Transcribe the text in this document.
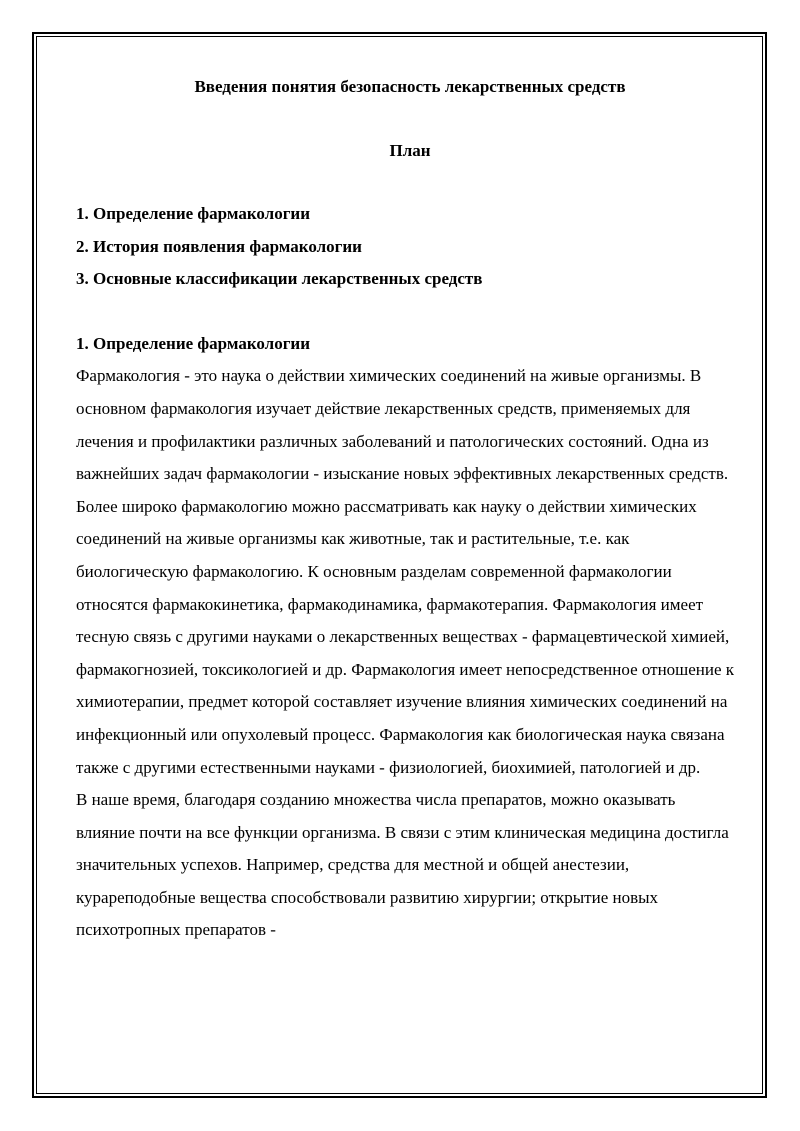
Введения понятия безопасность лекарственных средств
План
1. Определение фармакологии
2. История появления фармакологии
3. Основные классификации лекарственных средств
1. Определение фармакологии

Фармакология - это наука о действии химических соединений на живые организмы. В основном фармакология изучает действие лекарственных средств, применяемых для лечения и профилактики различных заболеваний и патологических состояний. Одна из важнейших задач фармакологии - изыскание новых эффективных лекарственных средств.

Более широко фармакологию можно рассматривать как науку о действии химических соединений на живые организмы как животные, так и растительные, т.е. как биологическую фармакологию. К основным разделам современной фармакологии относятся фармакокинетика, фармакодинамика, фармакотерапия. Фармакология имеет тесную связь с другими науками о лекарственных веществах - фармацевтической химией, фармакогнозией, токсикологией и др. Фармакология имеет непосредственное отношение к химиотерапии, предмет которой составляет изучение влияния химических соединений на инфекционный или опухолевый процесс. Фармакология как биологическая наука связана также с другими естественными науками - физиологией, биохимией, патологией и др.

В наше время, благодаря созданию множества числа препаратов, можно оказывать влияние почти на все функции организма. В связи с этим клиническая медицина достигла значительных успехов. Например, средства для местной и общей анестезии, курареподобные вещества способствовали развитию хирургии; открытие новых психотропных препаратов -
